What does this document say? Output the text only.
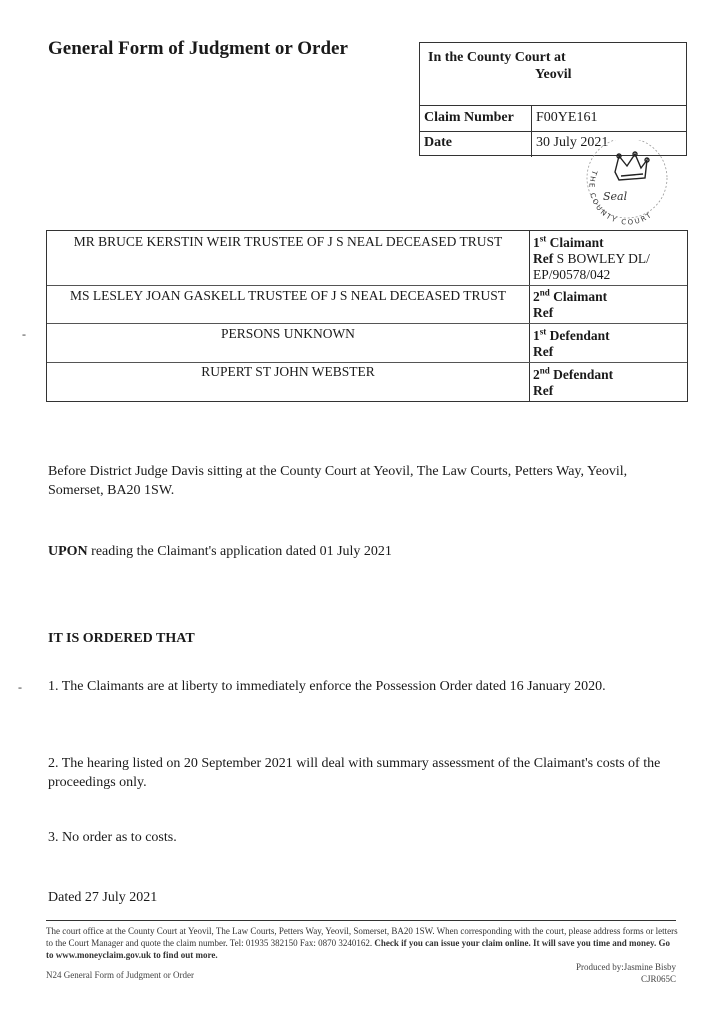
General Form of Judgment or Order	In the County Court at
Yeovil
Claim Number F00YE161
Date	30 July 2021
Seal
THE COUNTY COURT
MR BRUCE KERSTIN WEIR TRUSTEE OF J S NEAL DECEASED TRUST	1st Claimant
Ref S BOWLEY DL/
EP/90578/042
MS LESLEY JOAN GASKELL TRUSTEE OF J S NEAL DECEASED TRUST	2nd Claimant
Ref
PERSONS UNKNOWN	1st Defendant
Ref
RUPERT ST JOHN WEBSTER	2nd Defendant
Ref
-
-

Before District Judge Davis sitting at the County Court at Yeovil, The Law Courts, Petters Way, Yeovil, Somerset, BA20 1SW.

UPON reading the Claimant's application dated 01 July 2021

IT IS ORDERED THAT

1. The Claimants are at liberty to immediately enforce the Possession Order dated 16 January 2020.

2. The hearing listed on 20 September 2021 will deal with summary assessment of the Claimant's costs of the proceedings only.

3. No order as to costs.

Dated 27 July 2021

The court office at the County Court at Yeovil, The Law Courts, Petters Way, Yeovil, Somerset, BA20 1SW. When corresponding with the court, please address forms or letters to the Court Manager and quote the claim number. Tel: 01935 382150 Fax: 0870 3240162. Check if you can issue your claim online. It will save you time and money. Go to www.moneyclaim.gov.uk to find out more.
N24 General Form of Judgment or Order
Produced by:Jasmine Bisby
CJR065C
